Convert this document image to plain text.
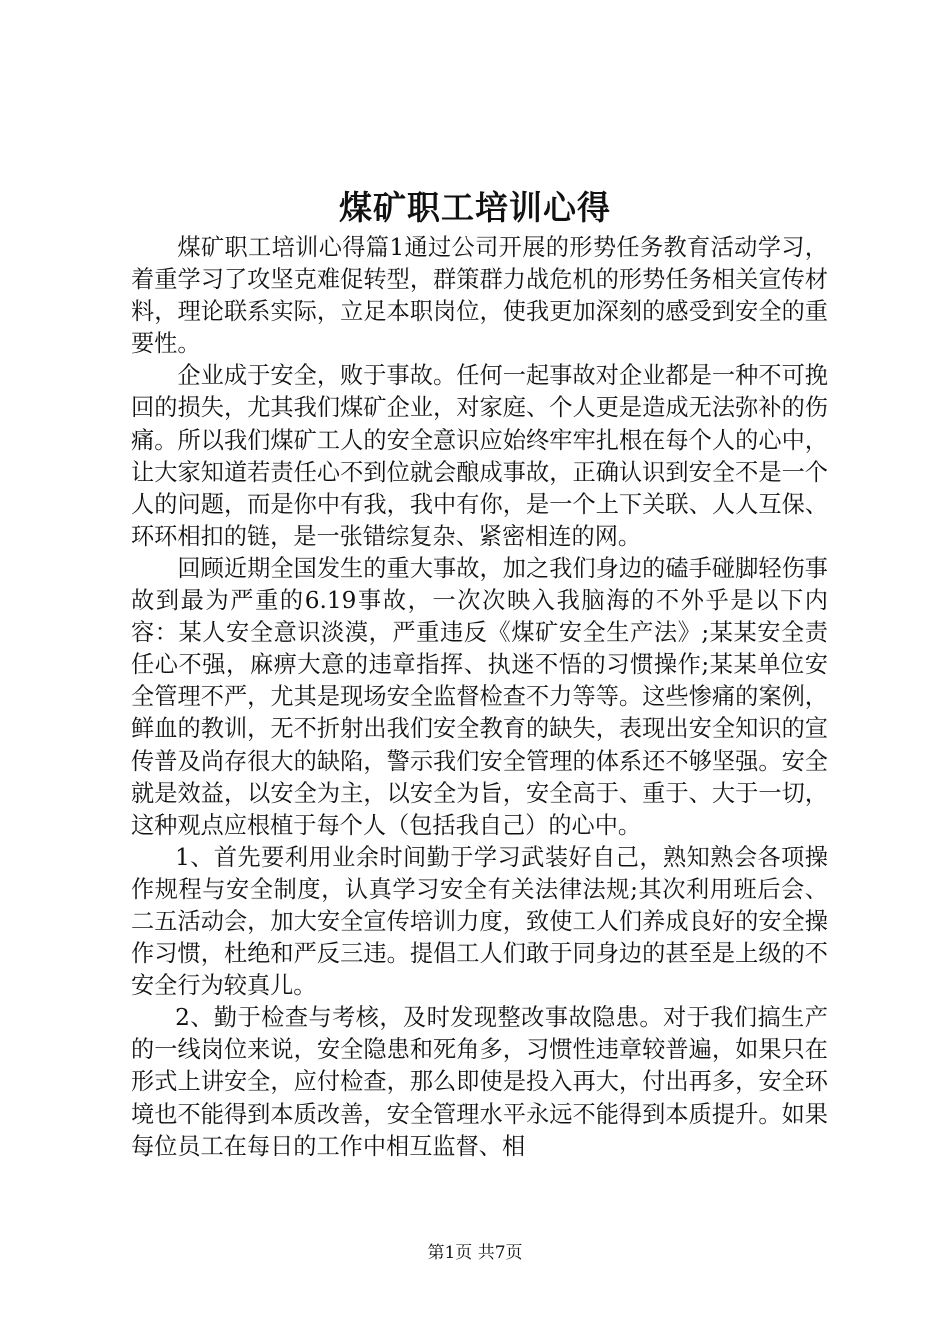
煤矿职工培训心得

煤矿职工培训心得篇1通过公司开展的形势任务教育活动学习，着重学习了攻坚克难促转型，群策群力战危机的形势任务相关宣传材料，理论联系实际，立足本职岗位，使我更加深刻的感受到安全的重要性。

企业成于安全，败于事故。任何一起事故对企业都是一种不可挽回的损失，尤其我们煤矿企业，对家庭、个人更是造成无法弥补的伤痛。所以我们煤矿工人的安全意识应始终牢牢扎根在每个人的心中，让大家知道若责任心不到位就会酿成事故，正确认识到安全不是一个人的问题，而是你中有我，我中有你，是一个上下关联、人人互保、环环相扣的链，是一张错综复杂、紧密相连的网。

回顾近期全国发生的重大事故，加之我们身边的磕手碰脚轻伤事故到最为严重的6.19事故，一次次映入我脑海的不外乎是以下内容：某人安全意识淡漠，严重违反《煤矿安全生产法》;某某安全责任心不强，麻痹大意的违章指挥、执迷不悟的习惯操作;某某单位安全管理不严，尤其是现场安全监督检查不力等等。这些惨痛的案例，鲜血的教训，无不折射出我们安全教育的缺失，表现出安全知识的宣传普及尚存很大的缺陷，警示我们安全管理的体系还不够坚强。安全就是效益，以安全为主，以安全为旨，安全高于、重于、大于一切，这种观点应根植于每个人（包括我自己）的心中。

1、首先要利用业余时间勤于学习武装好自己，熟知熟会各项操作规程与安全制度，认真学习安全有关法律法规;其次利用班后会、二五活动会，加大安全宣传培训力度，致使工人们养成良好的安全操作习惯，杜绝和严反三违。提倡工人们敢于同身边的甚至是上级的不安全行为较真儿。

2、勤于检查与考核，及时发现整改事故隐患。对于我们搞生产的一线岗位来说，安全隐患和死角多，习惯性违章较普遍，如果只在形式上讲安全，应付检查，那么即使是投入再大，付出再多，安全环境也不能得到本质改善，安全管理水平永远不能得到本质提升。如果每位员工在每日的工作中相互监督、相

第1页 共7页
